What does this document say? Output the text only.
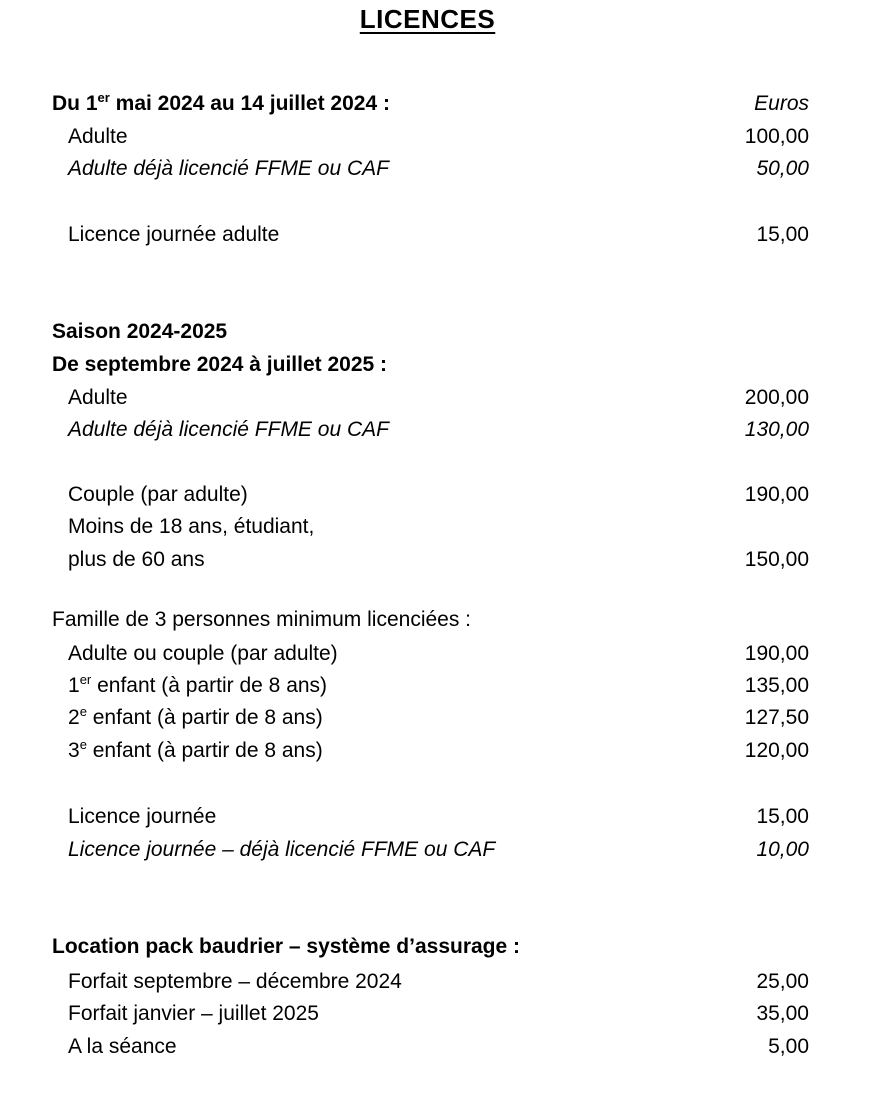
LICENCES
Du 1er mai 2024 au 14 juillet 2024 :	Euros
Adulte	100,00
Adulte déjà licencié FFME ou CAF	50,00
Licence journée adulte	15,00
Saison 2024-2025
De septembre 2024 à juillet 2025 :
Adulte	200,00
Adulte déjà licencié FFME ou CAF	130,00
Couple (par adulte)	190,00
Moins de 18 ans, étudiant,
plus de 60 ans	150,00
Famille de 3 personnes minimum licenciées :
Adulte ou couple (par adulte)	190,00
1er enfant (à partir de 8 ans)	135,00
2e enfant (à partir de 8 ans)	127,50
3e enfant (à partir de 8 ans)	120,00
Licence journée	15,00
Licence journée – déjà licencié FFME ou CAF	10,00
Location pack baudrier – système d’assurage :
Forfait septembre – décembre 2024	25,00
Forfait janvier – juillet 2025	35,00
A la séance	5,00
